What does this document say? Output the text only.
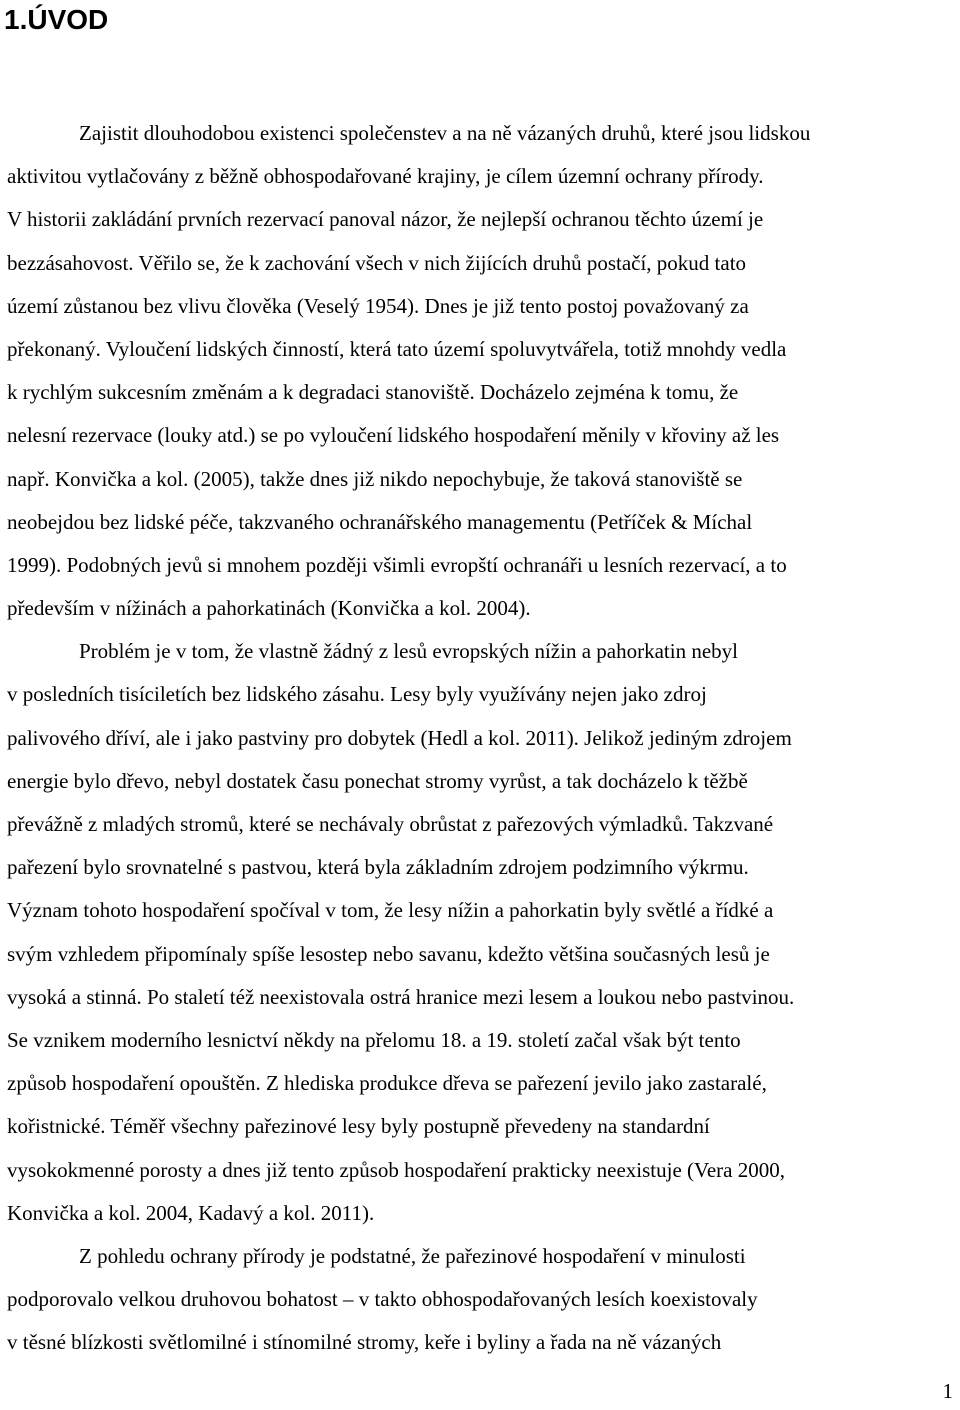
1.ÚVOD
Zajistit dlouhodobou existenci společenstev a na ně vázaných druhů, které jsou lidskou
aktivitou vytlačovány z běžně obhospodařované krajiny, je cílem územní ochrany přírody.
V historii zakládání prvních rezervací panoval názor, že nejlepší ochranou těchto území je
bezzásahovost. Věřilo se, že k zachování všech v nich žijících druhů postačí, pokud tato
území zůstanou bez vlivu člověka (Veselý 1954). Dnes je již tento postoj považovaný za
překonaný. Vyloučení lidských činností, která tato území spoluvytvářela, totiž mnohdy vedla
k rychlým sukcesním změnám a k degradaci stanoviště. Docházelo zejména k tomu, že
nelesní rezervace (louky atd.) se po vyloučení lidského hospodaření měnily v křoviny až les
např. Konvička a kol. (2005), takže dnes již nikdo nepochybuje, že taková stanoviště se
neobejdou bez lidské péče, takzvaného ochranářského managementu (Petříček & Míchal
1999). Podobných jevů si mnohem později všimli evropští ochranáři u lesních rezervací, a to
především v nížinách a pahorkatinách (Konvička a kol. 2004).
Problém je v tom, že vlastně žádný z lesů evropských nížin a pahorkatin nebyl
v posledních tisíciletích bez lidského zásahu. Lesy byly využívány nejen jako zdroj
palivového dříví, ale i jako pastviny pro dobytek (Hedl a kol. 2011). Jelikož jediným zdrojem
energie bylo dřevo, nebyl dostatek času ponechat stromy vyrůst, a tak docházelo k těžbě
převážně z mladých stromů, které se nechávaly obrůstat z pařezových výmladků. Takzvané
pařezení bylo srovnatelné s pastvou, která byla základním zdrojem podzimního výkrmu.
Význam tohoto hospodaření spočíval v tom, že lesy nížin a pahorkatin byly světlé a řídké a
svým vzhledem připomínaly spíše lesostep nebo savanu, kdežto většina současných lesů je
vysoká a stinná. Po staletí též neexistovala ostrá hranice mezi lesem a loukou nebo pastvinou.
Se vznikem moderního lesnictví někdy na přelomu 18. a 19. století začal však být tento
způsob hospodaření opouštěn. Z hlediska produkce dřeva se pařezení jevilo jako zastaralé,
kořistnické. Téměř všechny pařezinové lesy byly postupně převedeny na standardní
vysokokmenné porosty a dnes již tento způsob hospodaření prakticky neexistuje (Vera 2000,
Konvička a kol. 2004, Kadavý a kol. 2011).
Z pohledu ochrany přírody je podstatné, že pařezinové hospodaření v minulosti
podporovalo velkou druhovou bohatost – v takto obhospodařovaných lesích koexistovaly
v těsné blízkosti světlomilné i stínomilné stromy, keře i byliny a řada na ně vázaných
1
